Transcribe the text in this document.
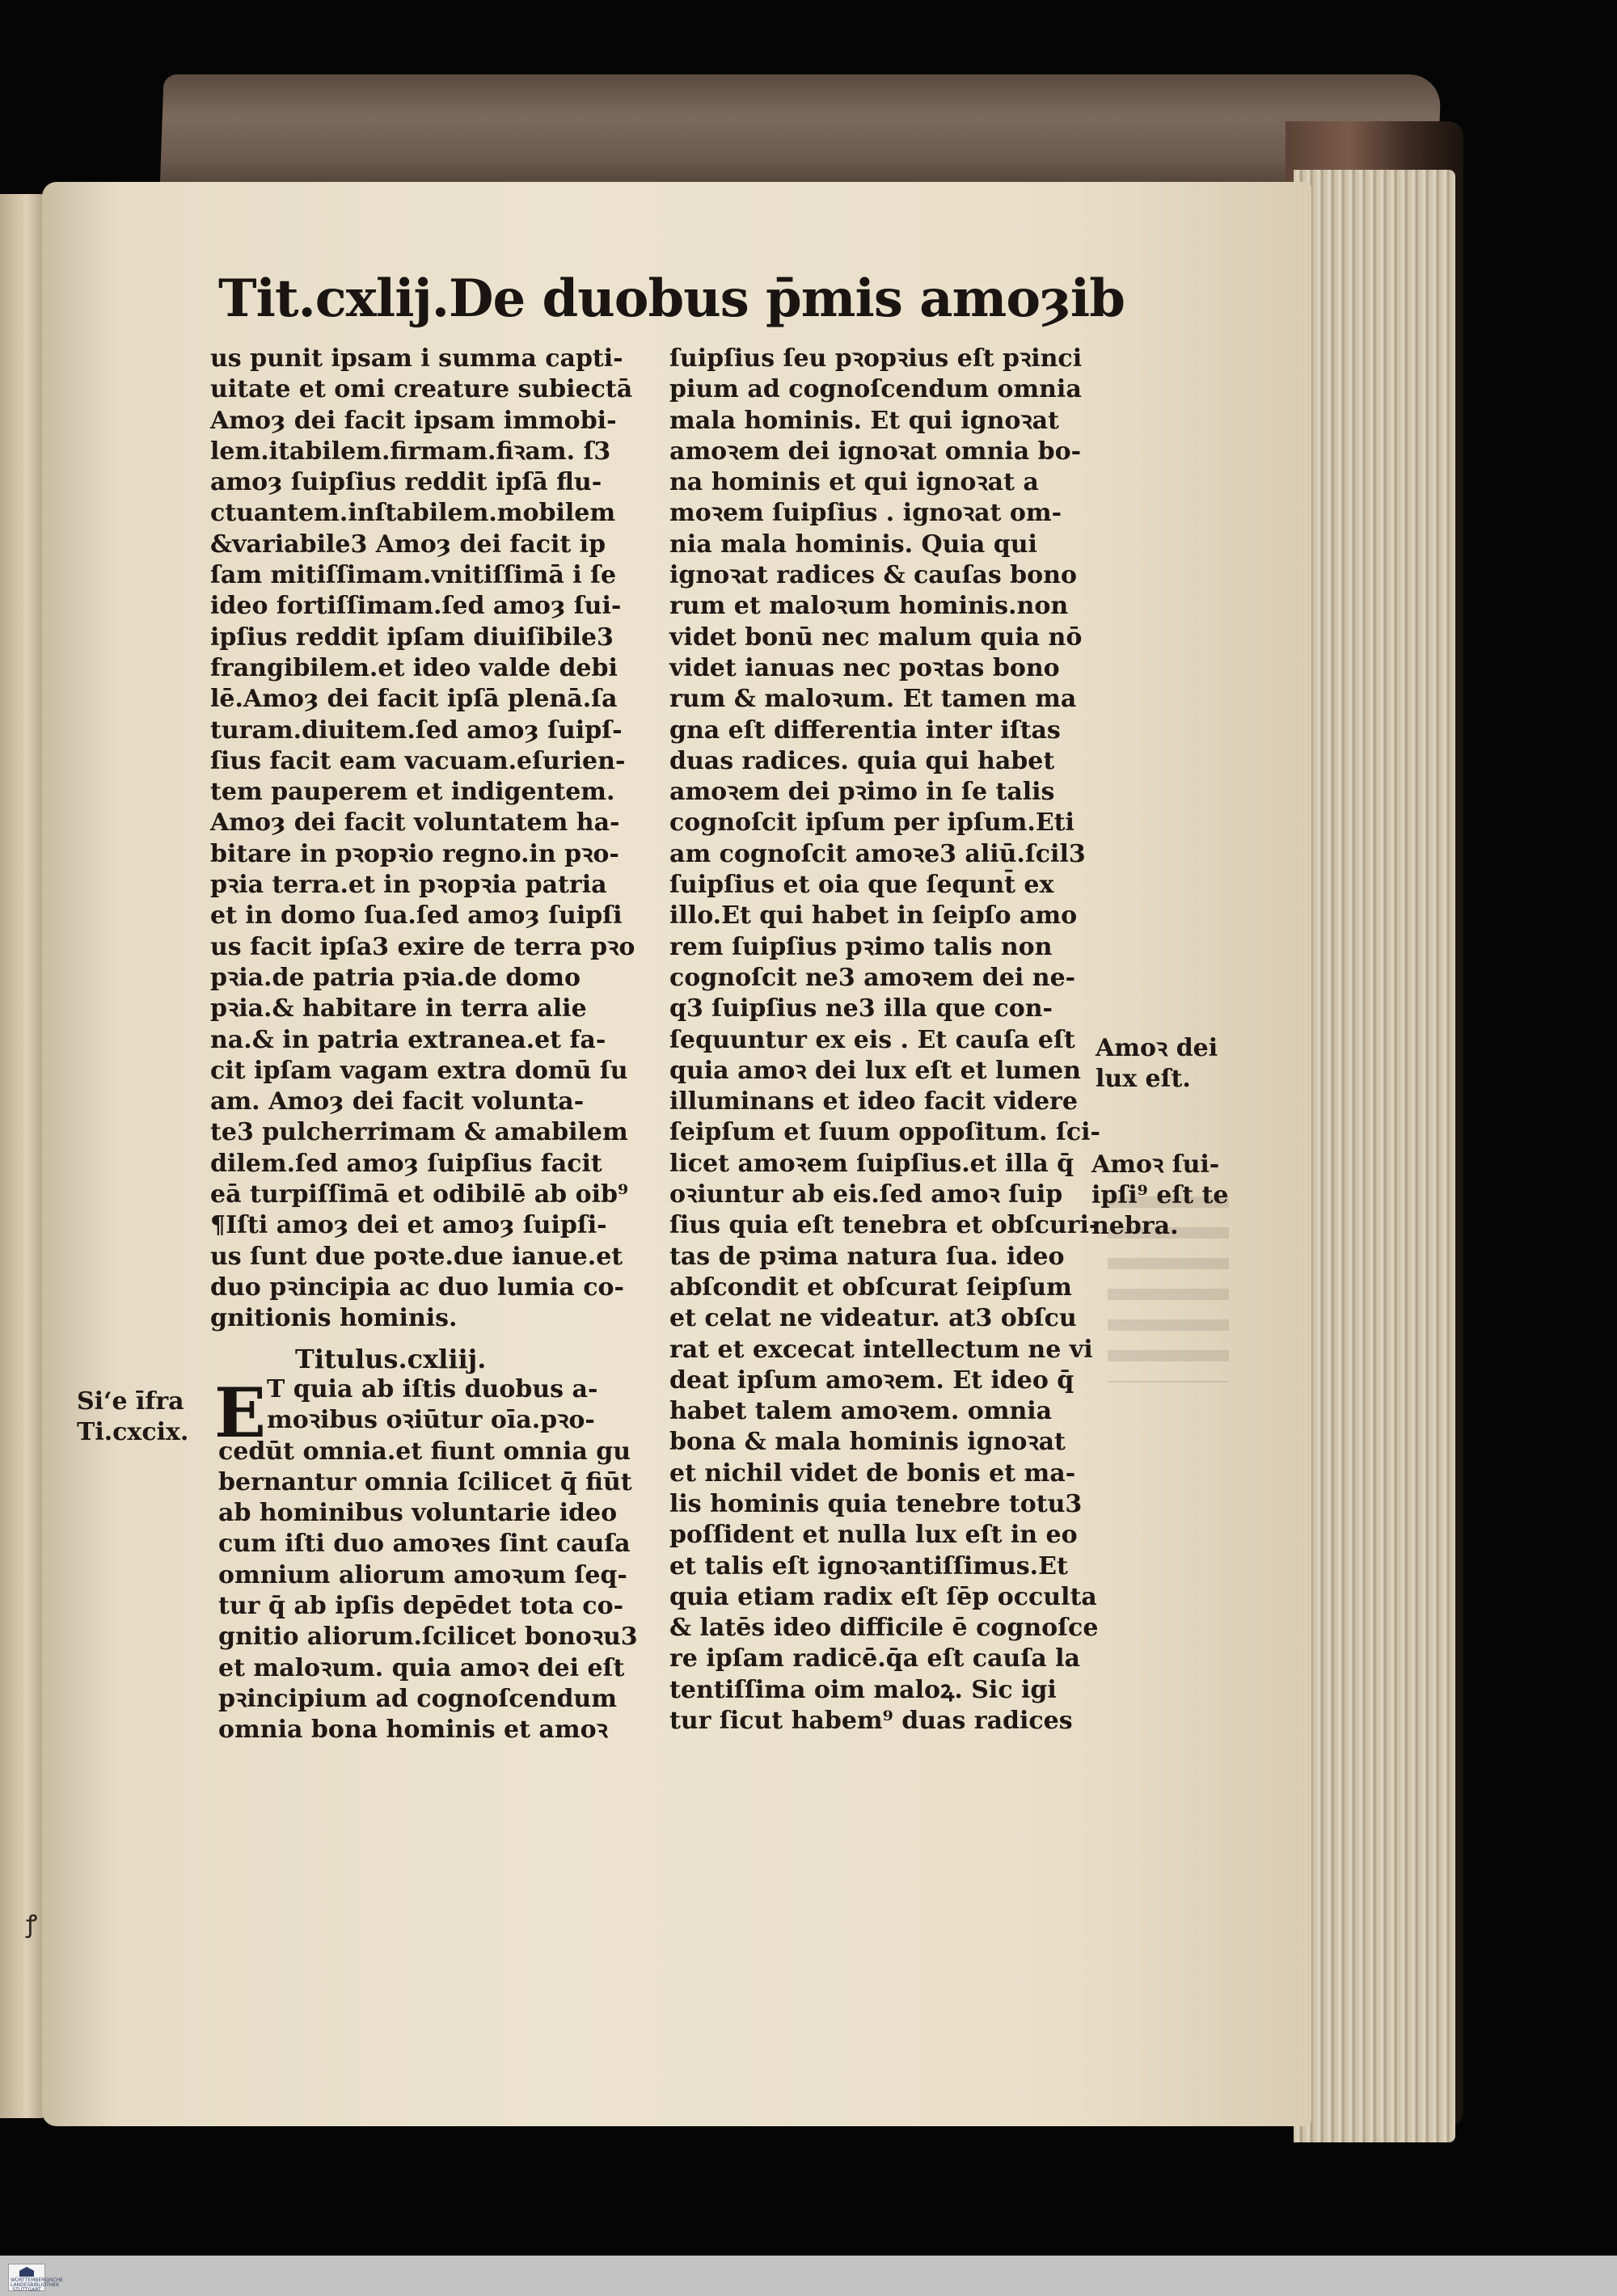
Tit.cxlij.De duobus p̄mis amoȝib
us punit ipsam i summa capti-
uitate et omi creature subiectā
Amoȝ dei facit ipsam immobi-
lem.itabilem.firmam.fiꝛam. ſ3
amoȝ ſuipſius reddit ipſā flu-
ctuantem.inſtabilem.mobilem
&variabile3 Amoȝ dei facit ip
ſam mitiſſimam.vnitiſſimā i ſe
ideo fortiſſimam.ſed amoȝ ſui-
ipſius reddit ipſam diuiſibile3
frangibilem.et ideo valde debi
lē.Amoȝ dei facit ipſā plenā.ſa
turam.diuitem.ſed amoȝ ſuipſ-
ſius facit eam vacuam.eſurien-
tem pauperem et indigentem.
Amoȝ dei facit voluntatem ha-
bitare in pꝛopꝛio regno.in pꝛo-
pꝛia terra.et in pꝛopꝛia patria
et in domo ſua.ſed amoȝ ſuipſi
us facit ipſa3 exire de terra pꝛo
pꝛia.de patria pꝛia.de domo
pꝛia.& habitare in terra alie
na.& in patria extranea.et fa-
cit ipſam vagam extra domū ſu
am. Amoȝ dei facit volunta-
te3 pulcherrimam & amabilem
dilem.ſed amoȝ ſuipſius facit
eā turpiſſimā et odibilē ab oib⁹
¶Iſti amoȝ dei et amoȝ ſuipſi-
us ſunt due poꝛte.due ianue.et
duo pꝛincipia ac duo lumia co-
gnitionis hominis.
Titulus.cxliij.
E T quia ab iſtis duobus a-
moꝛibus oꝛiūtur oīa.pꝛo-
cedūt omnia.et fiunt omnia gu
bernantur omnia ſcilicet q̄ fiūt
ab hominibus voluntarie ideo
cum iſti duo amoꝛes ſint cauſa
omnium aliorum amoꝛum ſeq-
tur q̄ ab ipſis depēdet tota co-
gnitio aliorum.ſcilicet bonoꝛu3
et maloꝛum. quia amoꝛ dei eſt
pꝛincipium ad cognoſcendum
omnia bona hominis et amoꝛ
ſuipſius ſeu pꝛopꝛius eſt pꝛinci
pium ad cognoſcendum omnia
mala hominis. Et qui ignoꝛat
amoꝛem dei ignoꝛat omnia bo-
na hominis et qui ignoꝛat a
moꝛem ſuipſius . ignoꝛat om-
nia mala hominis. Quia qui
ignoꝛat radices & cauſas bono
rum et maloꝛum hominis.non
videt bonū nec malum quia nō
videt ianuas nec poꝛtas bono
rum & maloꝛum. Et tamen ma
gna eſt differentia inter iſtas
duas radices. quia qui habet
amoꝛem dei pꝛimo in ſe talis
cognoſcit ipſum per ipſum.Eti
am cognoſcit amoꝛe3 aliū.ſcil3
ſuipſius et oia que ſequnt̄ ex
illo.Et qui habet in ſeipſo amo
rem ſuipſius pꝛimo talis non
cognoſcit ne3 amoꝛem dei ne-
q3 ſuipſius ne3 illa que con-
ſequuntur ex eis . Et cauſa eſt
quia amoꝛ dei lux eſt et lumen
illuminans et ideo facit videre
ſeipſum et ſuum oppoſitum. ſci-
licet amoꝛem ſuipſius.et illa q̄
oꝛiuntur ab eis.ſed amoꝛ ſuip
ſius quia eſt tenebra et obſcuri-
tas de pꝛima natura ſua. ideo
abſcondit et obſcurat ſeipſum
et celat ne videatur. at3 obſcu
rat et excecat intellectum ne vi
deat ipſum amoꝛem. Et ideo q̄
habet talem amoꝛem. omnia
bona & mala hominis ignoꝛat
et nichil videt de bonis et ma-
lis hominis quia tenebre totu3
poſſident et nulla lux eſt in eo
et talis eſt ignoꝛantiſſimus.Et
quia etiam radix eſt ſēp occulta
& latēs ideo difficile ē cognoſce
re ipſam radicē.q̄a eſt cauſa la
tentiſſima oim maloꝝ. Sic igi
tur ſicut habem⁹ duas radices
Si‘e īfra
Ti.cxcix.
Amoꝛ dei
lux eſt.
Amoꝛ ſui-
ipſi⁹ eſt te
nebra.
ꝭ
WÜRTTEMBERGISCHE LANDESBIBLIOTHEK STUTTGART
